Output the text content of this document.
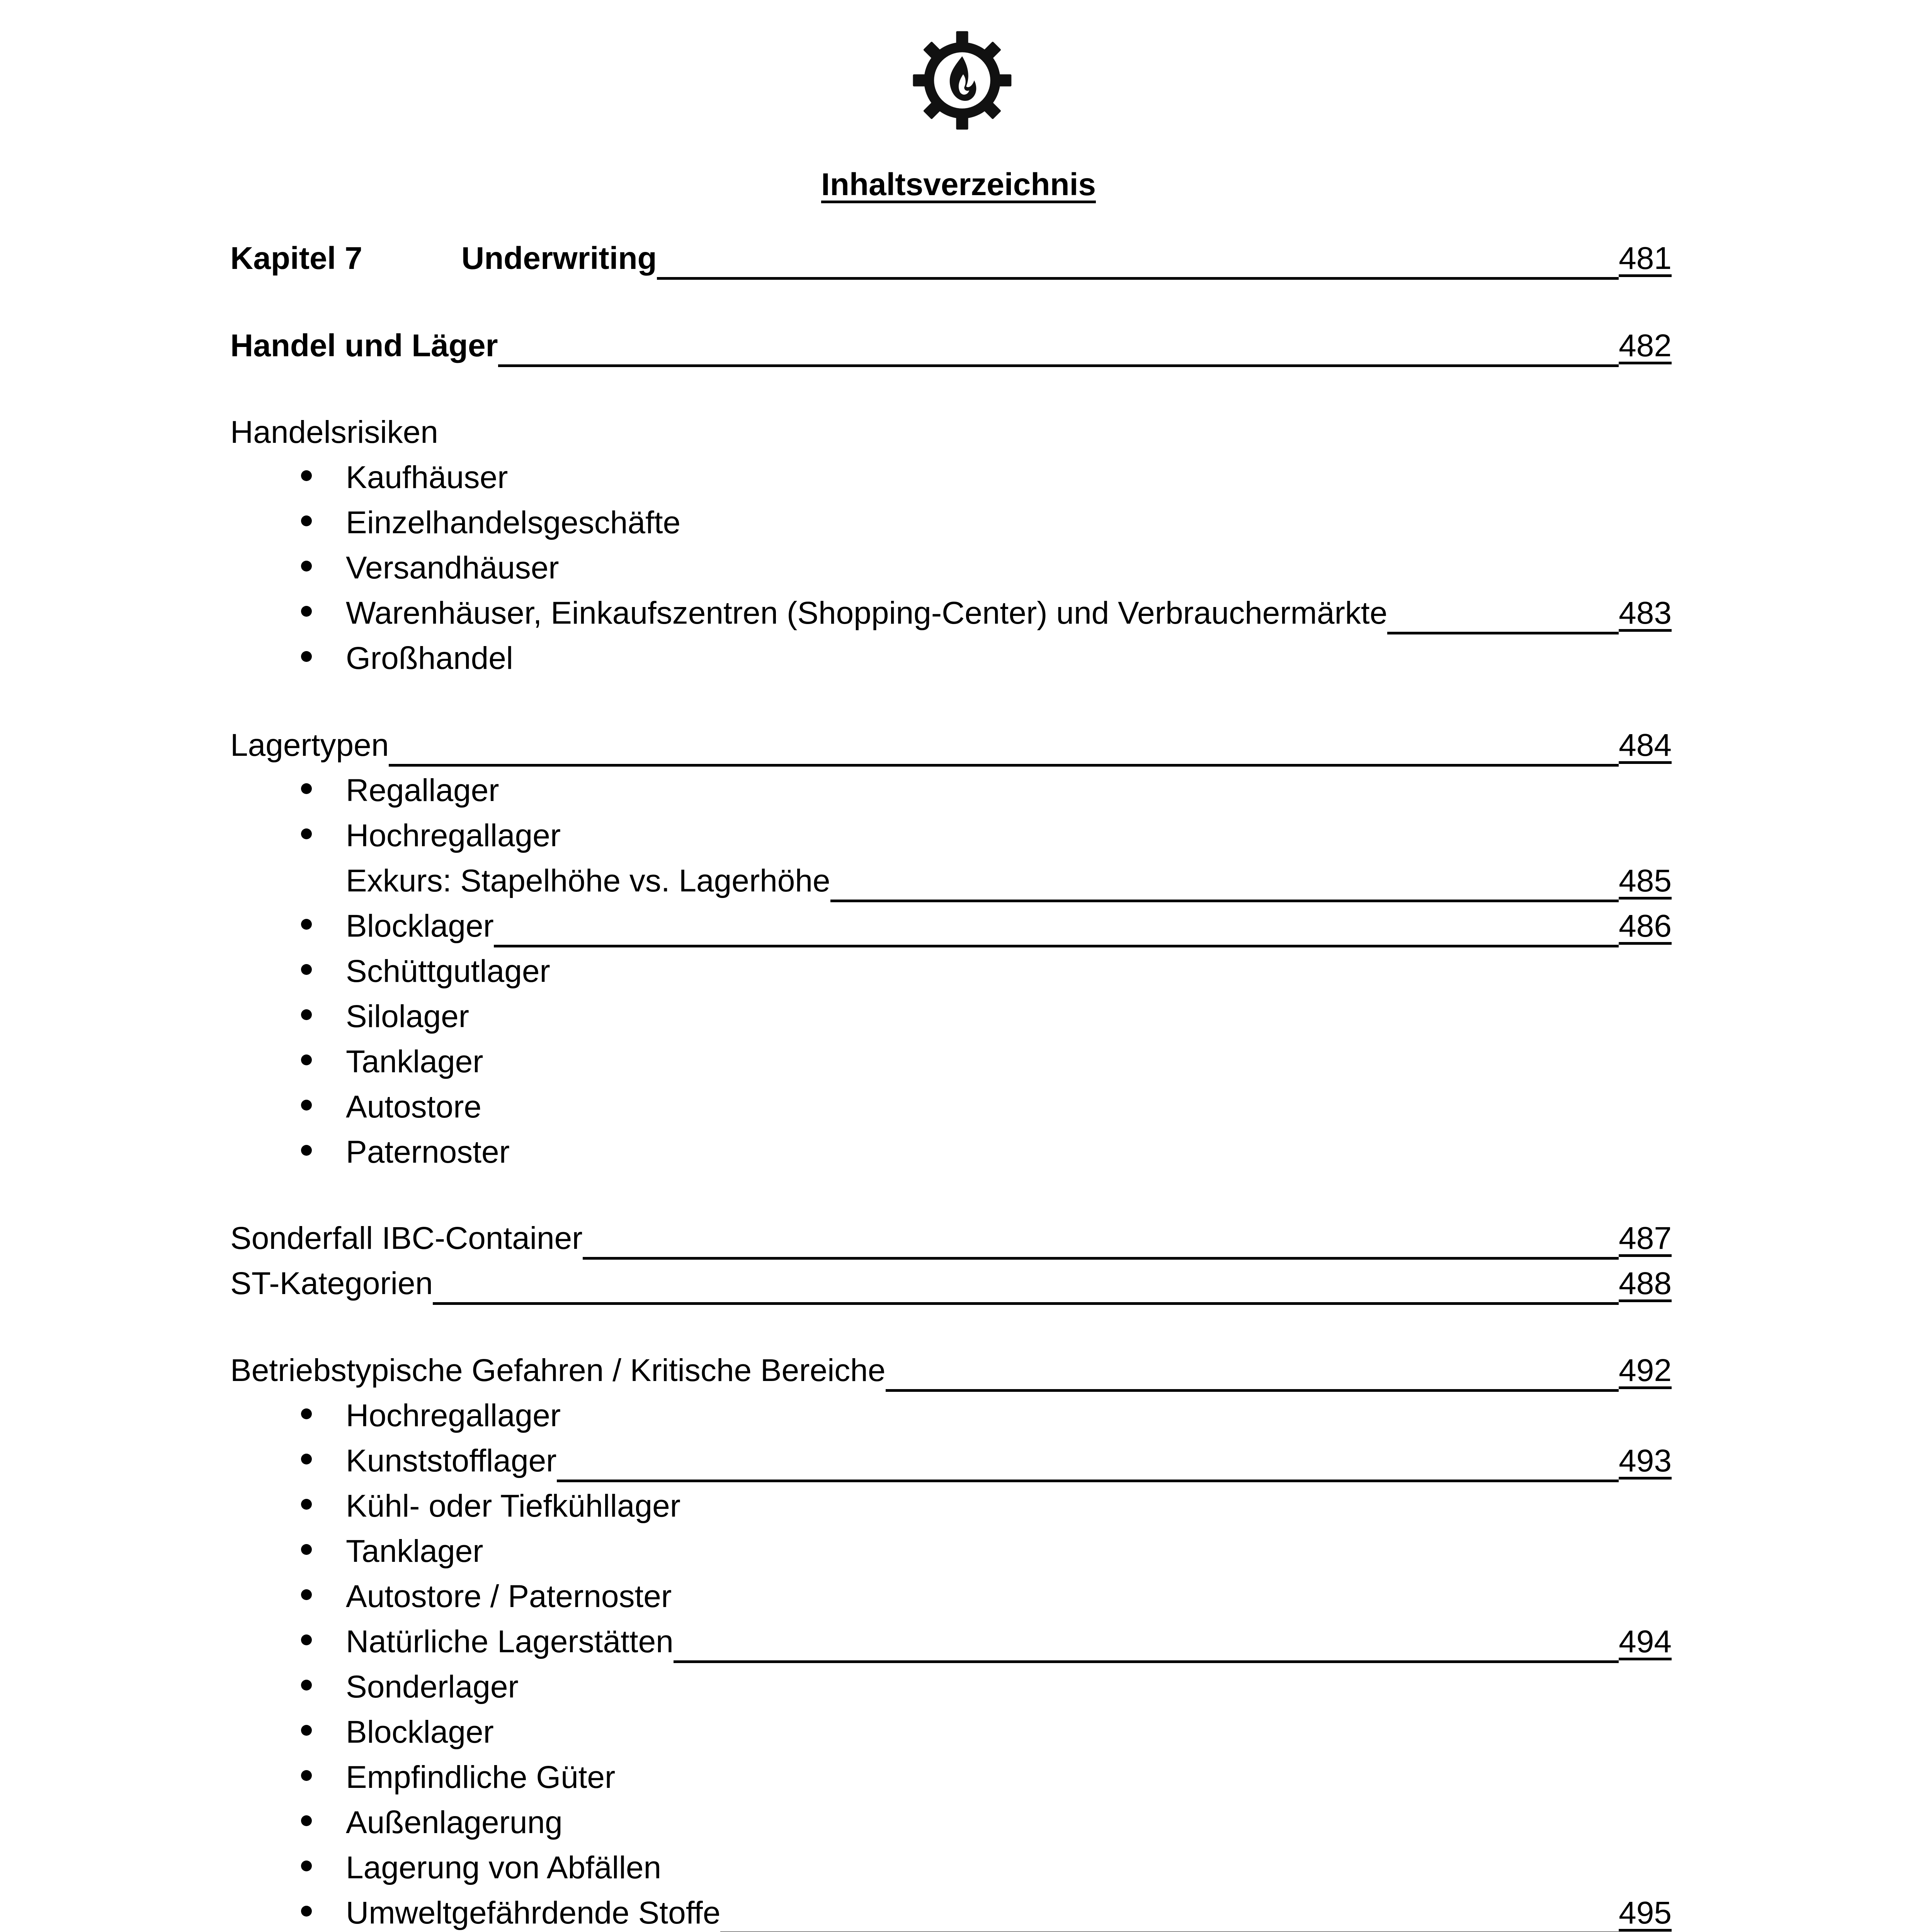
Inhaltsverzeichnis
Kapitel 7	Underwriting	481
Handel und Läger	482
Handelsrisiken
Kaufhäuser
Einzelhandelsgeschäfte
Versandhäuser
Warenhäuser, Einkaufszentren (Shopping-Center) und Verbrauchermärkte	483
Großhandel
Lagertypen	484
Regallager
Hochregallager
Exkurs: Stapelhöhe vs. Lagerhöhe	485
Blocklager	486
Schüttgutlager
Silolager
Tanklager
Autostore
Paternoster
Sonderfall IBC-Container	487
ST-Kategorien	488
Betriebstypische Gefahren / Kritische Bereiche	492
Hochregallager
Kunststofflager	493
Kühl- oder Tiefkühllager
Tanklager
Autostore / Paternoster
Natürliche Lagerstätten	494
Sonderlager
Blocklager
Empfindliche Güter
Außenlagerung
Lagerung von Abfällen
Umweltgefährdende Stoffe	495
